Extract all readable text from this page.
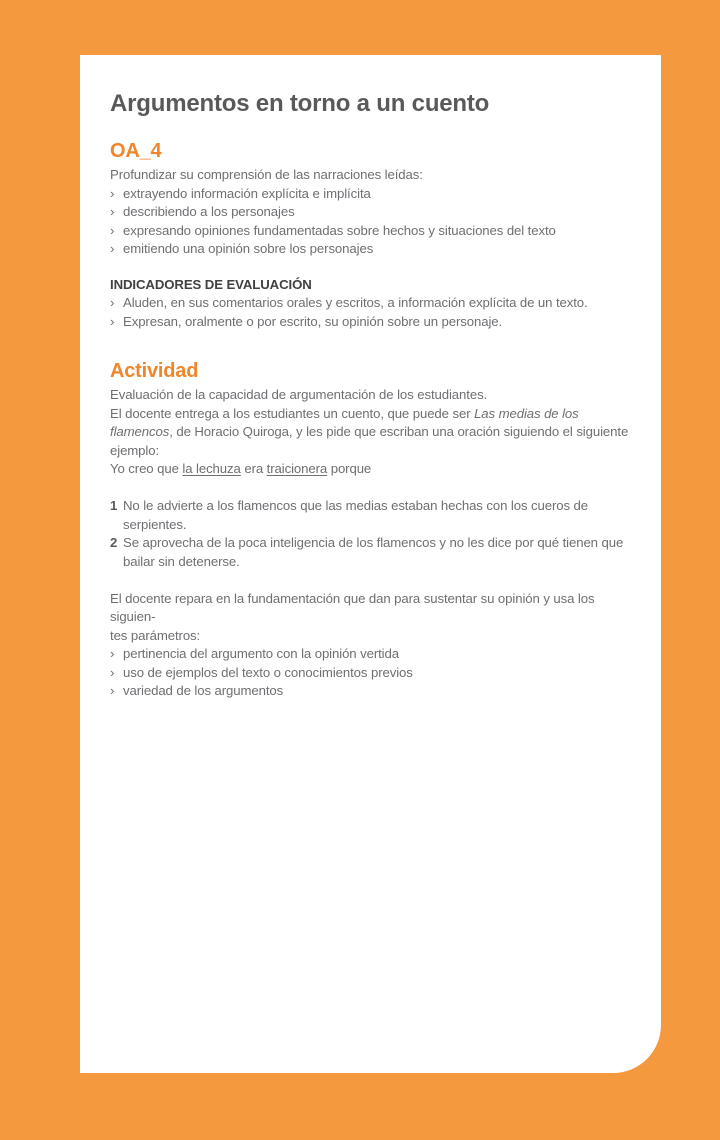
Argumentos en torno a un cuento
OA_4

Profundizar su comprensión de las narraciones leídas:

› extrayendo información explícita e implícita
› describiendo a los personajes
› expresando opiniones fundamentadas sobre hechos y situaciones del texto
› emitiendo una opinión sobre los personajes
INDICADORES DE EVALUACIÓN
› Aluden, en sus comentarios orales y escritos, a información explícita de un texto.
› Expresan, oralmente o por escrito, su opinión sobre un personaje.
Actividad

Evaluación de la capacidad de argumentación de los estudiantes.

El docente entrega a los estudiantes un cuento, que puede ser Las medias de los flamencos, de Horacio Quiroga, y les pide que escriban una oración siguiendo el siguiente ejemplo:

Yo creo que la lechuza era traicionera porque

1 No le advierte a los flamencos que las medias estaban hechas con los cueros de serpientes.
2 Se aprovecha de la poca inteligencia de los flamencos y no les dice por qué tienen que bailar sin detenerse.

El docente repara en la fundamentación que dan para sustentar su opinión y usa los siguien-
tes parámetros:

› pertinencia del argumento con la opinión vertida
› uso de ejemplos del texto o conocimientos previos
› variedad de los argumentos
